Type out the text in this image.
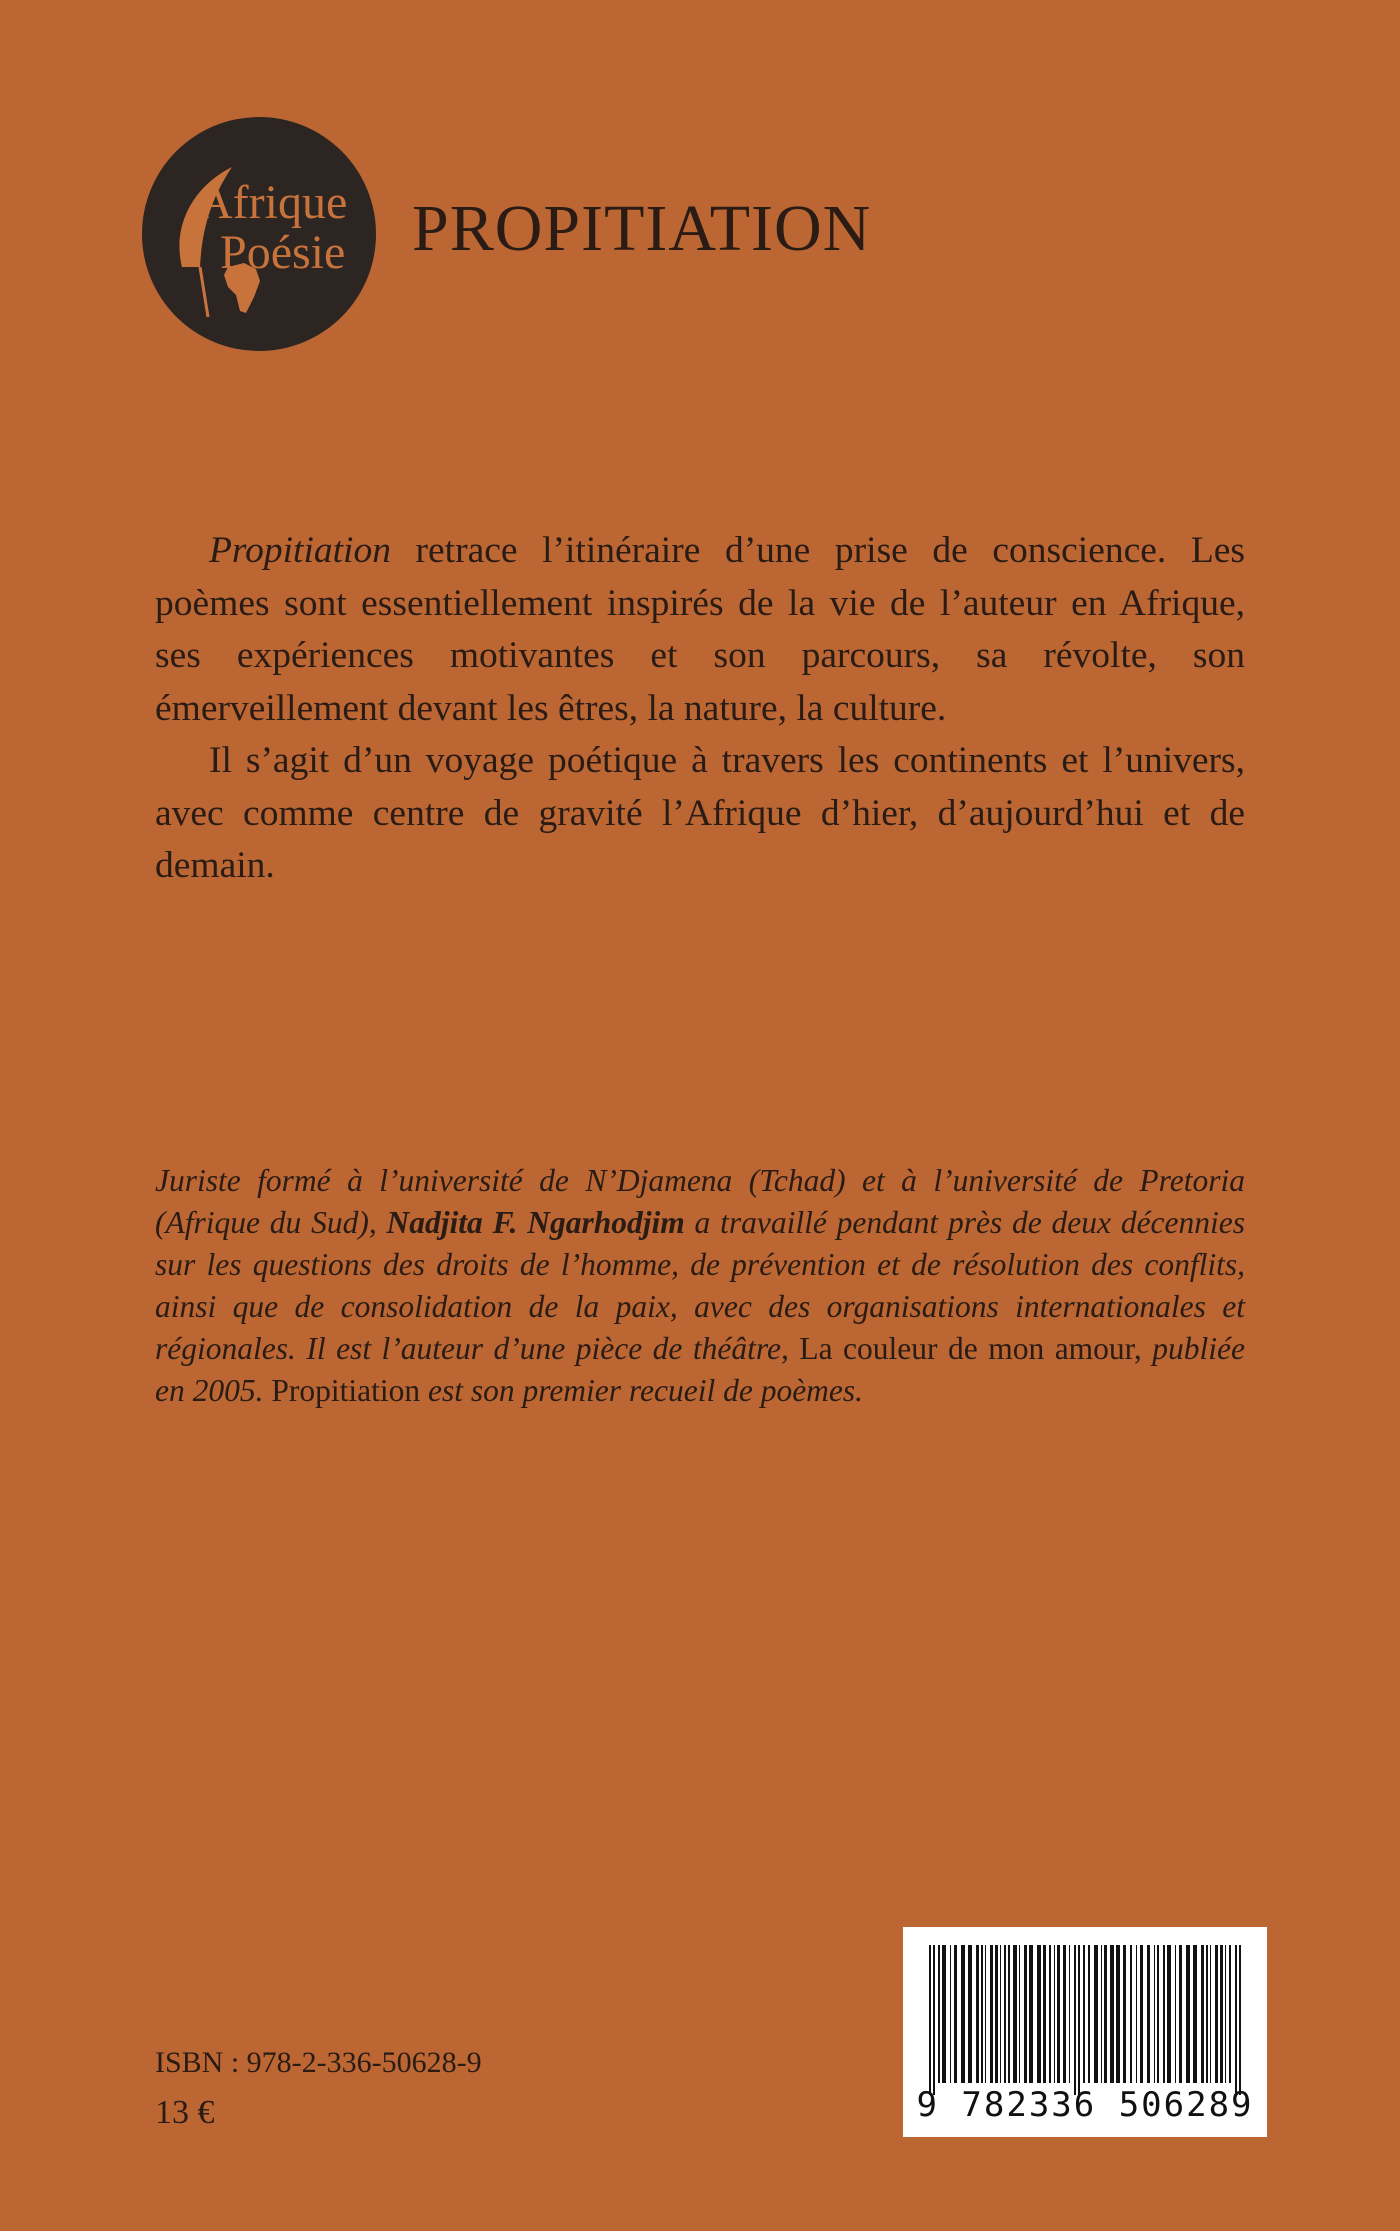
Afrique
Poésie PROPITIATION

Propitiation retrace l’itinéraire d’une prise de conscience. Les poèmes sont essentiellement inspirés de la vie de l’auteur en Afrique, ses expériences motivantes et son parcours, sa révolte, son émerveillement devant les êtres, la nature, la culture.

Il s’agit d’un voyage poétique à travers les continents et l’univers, avec comme centre de gravité l’Afrique d’hier, d’aujourd’hui et de demain.

Juriste formé à l’université de N’Djamena (Tchad) et à l’université de Pretoria (Afrique du Sud), Nadjita F. Ngarhodjim a travaillé pendant près de deux décennies sur les questions des droits de l’homme, de prévention et de résolution des conflits, ainsi que de consolidation de la paix, avec des organisations internationales et régionales. Il est l’auteur d’une pièce de théâtre, La couleur de mon amour, publiée en 2005. Propitiation est son premier recueil de poèmes.

ISBN : 978-2-336-50628-9
13 €	9 782336 506289
